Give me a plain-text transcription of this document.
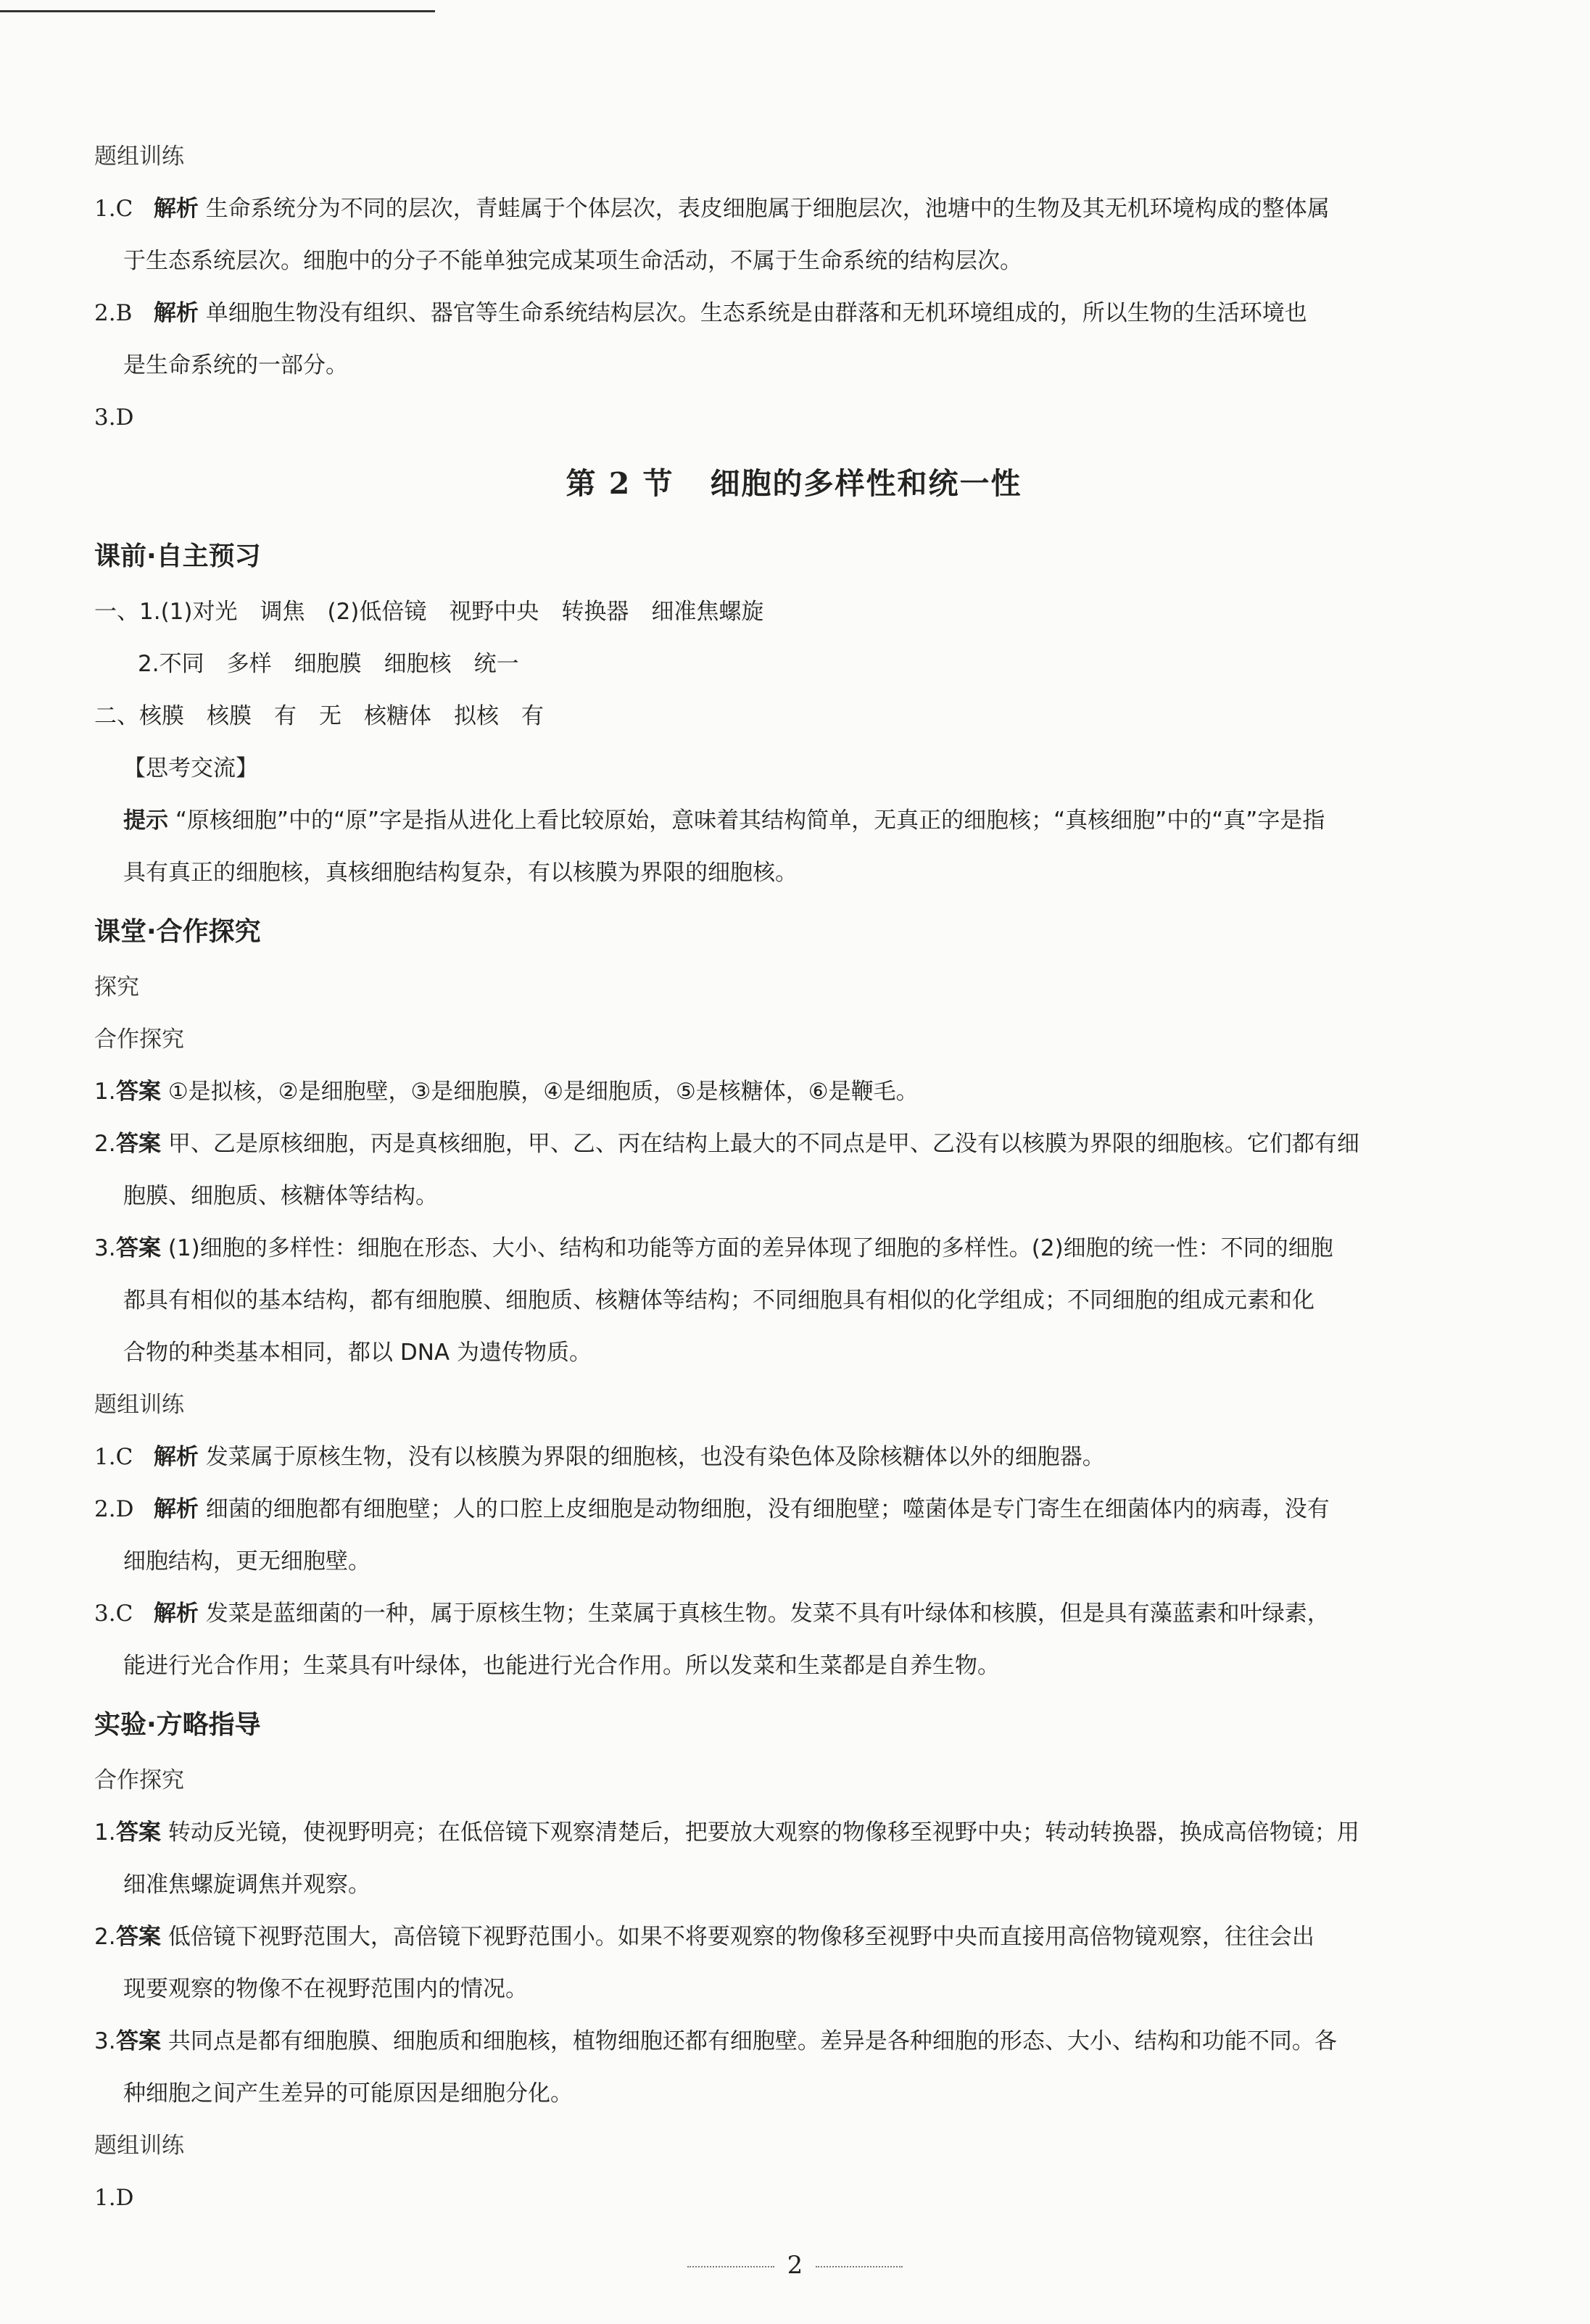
题组训练
1.C 解析 生命系统分为不同的层次，青蛙属于个体层次，表皮细胞属于细胞层次，池塘中的生物及其无机环境构成的整体属
于生态系统层次。细胞中的分子不能单独完成某项生命活动，不属于生命系统的结构层次。
2.B 解析 单细胞生物没有组织、器官等生命系统结构层次。生态系统是由群落和无机环境组成的，所以生物的生活环境也
是生命系统的一部分。
3.D
第 2 节 细胞的多样性和统一性
课前·自主预习
一、1.(1)对光　调焦　(2)低倍镜　视野中央　转换器　细准焦螺旋
2.不同　多样　细胞膜　细胞核　统一
二、核膜　核膜　有　无　核糖体　拟核　有
【思考交流】
提示 “原核细胞”中的“原”字是指从进化上看比较原始，意味着其结构简单，无真正的细胞核；“真核细胞”中的“真”字是指
具有真正的细胞核，真核细胞结构复杂，有以核膜为界限的细胞核。
课堂·合作探究
探究
合作探究
1.答案 ①是拟核，②是细胞壁，③是细胞膜，④是细胞质，⑤是核糖体，⑥是鞭毛。
2.答案 甲、乙是原核细胞，丙是真核细胞，甲、乙、丙在结构上最大的不同点是甲、乙没有以核膜为界限的细胞核。它们都有细
胞膜、细胞质、核糖体等结构。
3.答案 (1)细胞的多样性：细胞在形态、大小、结构和功能等方面的差异体现了细胞的多样性。(2)细胞的统一性：不同的细胞
都具有相似的基本结构，都有细胞膜、细胞质、核糖体等结构；不同细胞具有相似的化学组成；不同细胞的组成元素和化
合物的种类基本相同，都以 DNA 为遗传物质。
题组训练
1.C 解析 发菜属于原核生物，没有以核膜为界限的细胞核，也没有染色体及除核糖体以外的细胞器。
2.D 解析 细菌的细胞都有细胞壁；人的口腔上皮细胞是动物细胞，没有细胞壁；噬菌体是专门寄生在细菌体内的病毒，没有
细胞结构，更无细胞壁。
3.C 解析 发菜是蓝细菌的一种，属于原核生物；生菜属于真核生物。发菜不具有叶绿体和核膜，但是具有藻蓝素和叶绿素，
能进行光合作用；生菜具有叶绿体，也能进行光合作用。所以发菜和生菜都是自养生物。
实验·方略指导
合作探究
1.答案 转动反光镜，使视野明亮；在低倍镜下观察清楚后，把要放大观察的物像移至视野中央；转动转换器，换成高倍物镜；用
细准焦螺旋调焦并观察。
2.答案 低倍镜下视野范围大，高倍镜下视野范围小。如果不将要观察的物像移至视野中央而直接用高倍物镜观察，往往会出
现要观察的物像不在视野范围内的情况。
3.答案 共同点是都有细胞膜、细胞质和细胞核，植物细胞还都有细胞壁。差异是各种细胞的形态、大小、结构和功能不同。各
种细胞之间产生差异的可能原因是细胞分化。
题组训练
1.D
2
